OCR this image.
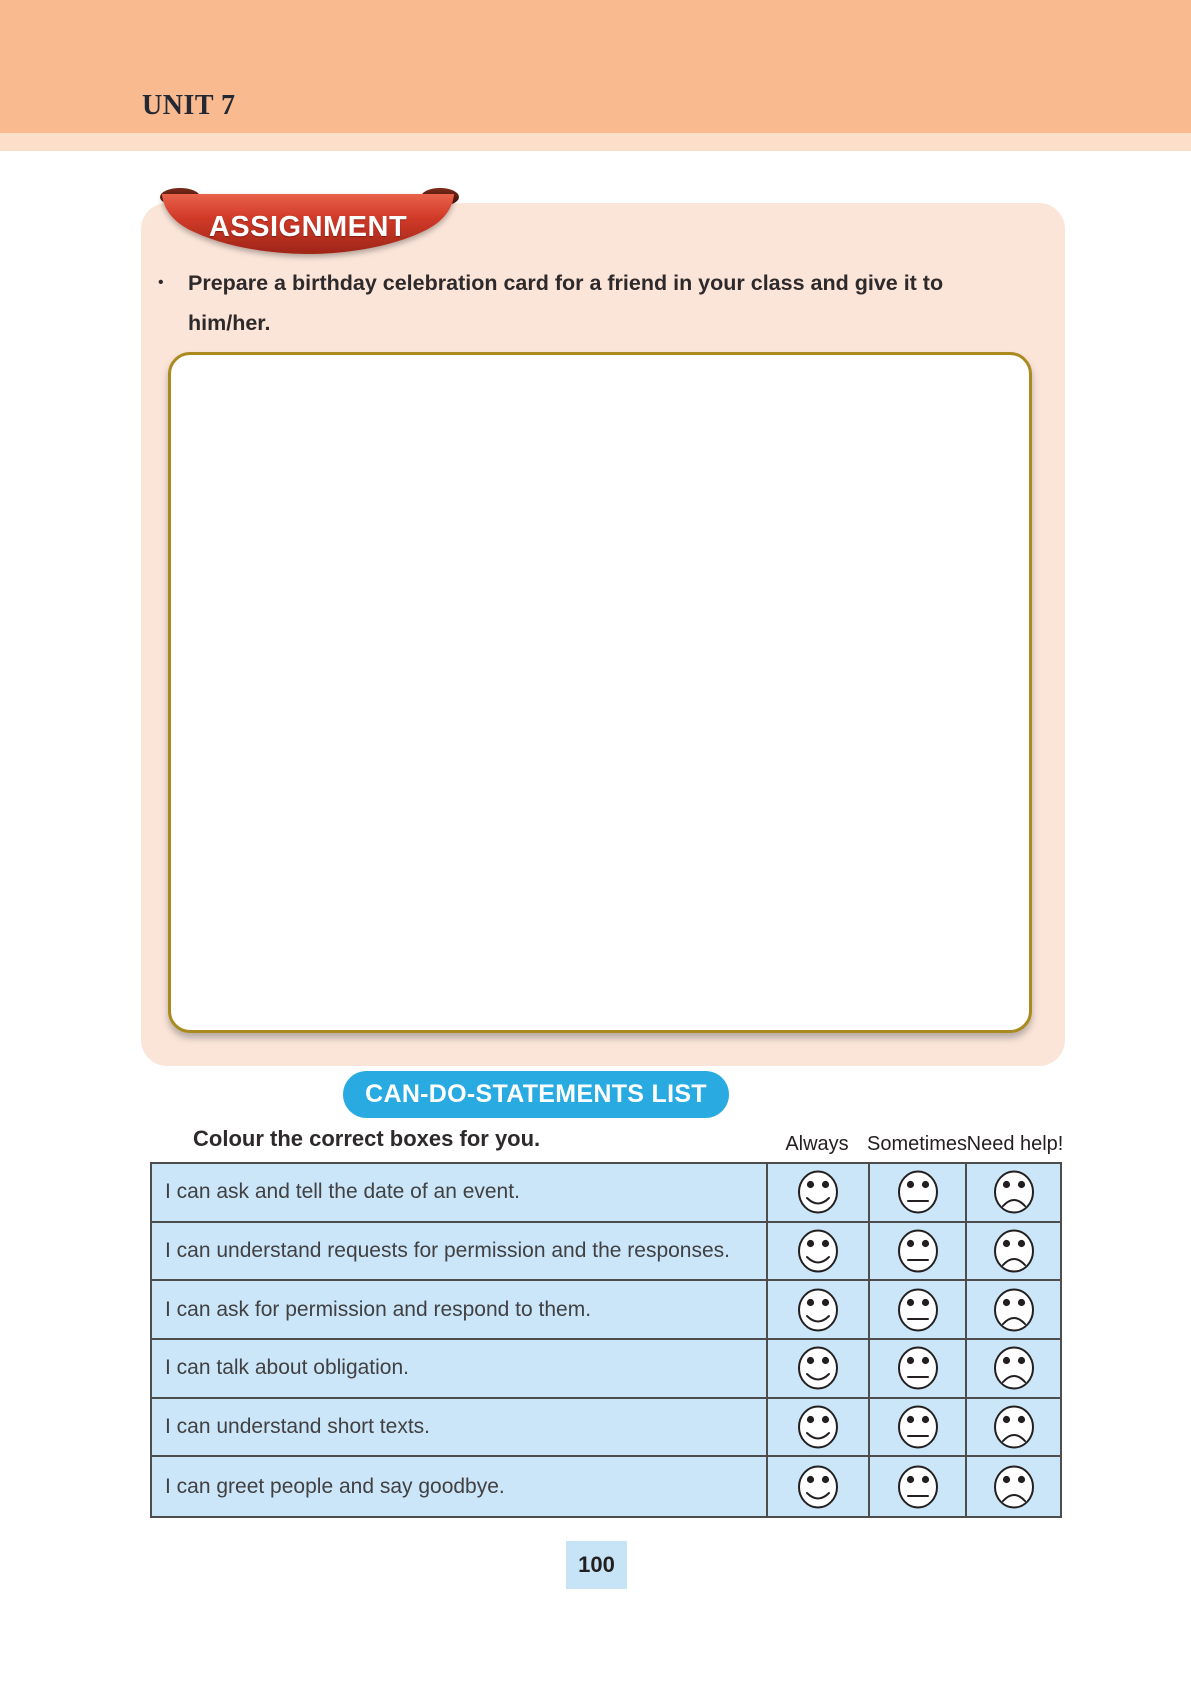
UNIT 7
ASSIGNMENT
•	Prepare a birthday celebration card for a friend in your class and give it to
him/her.
CAN-DO-STATEMENTS LIST
Colour the correct boxes for you.	Always Sometimes Need help!
I can ask and tell the date of an event.
I can understand requests for permission and the responses.
I can ask for permission and respond to them.
I can talk about obligation.
I can understand short texts.
I can greet people and say goodbye.
100
